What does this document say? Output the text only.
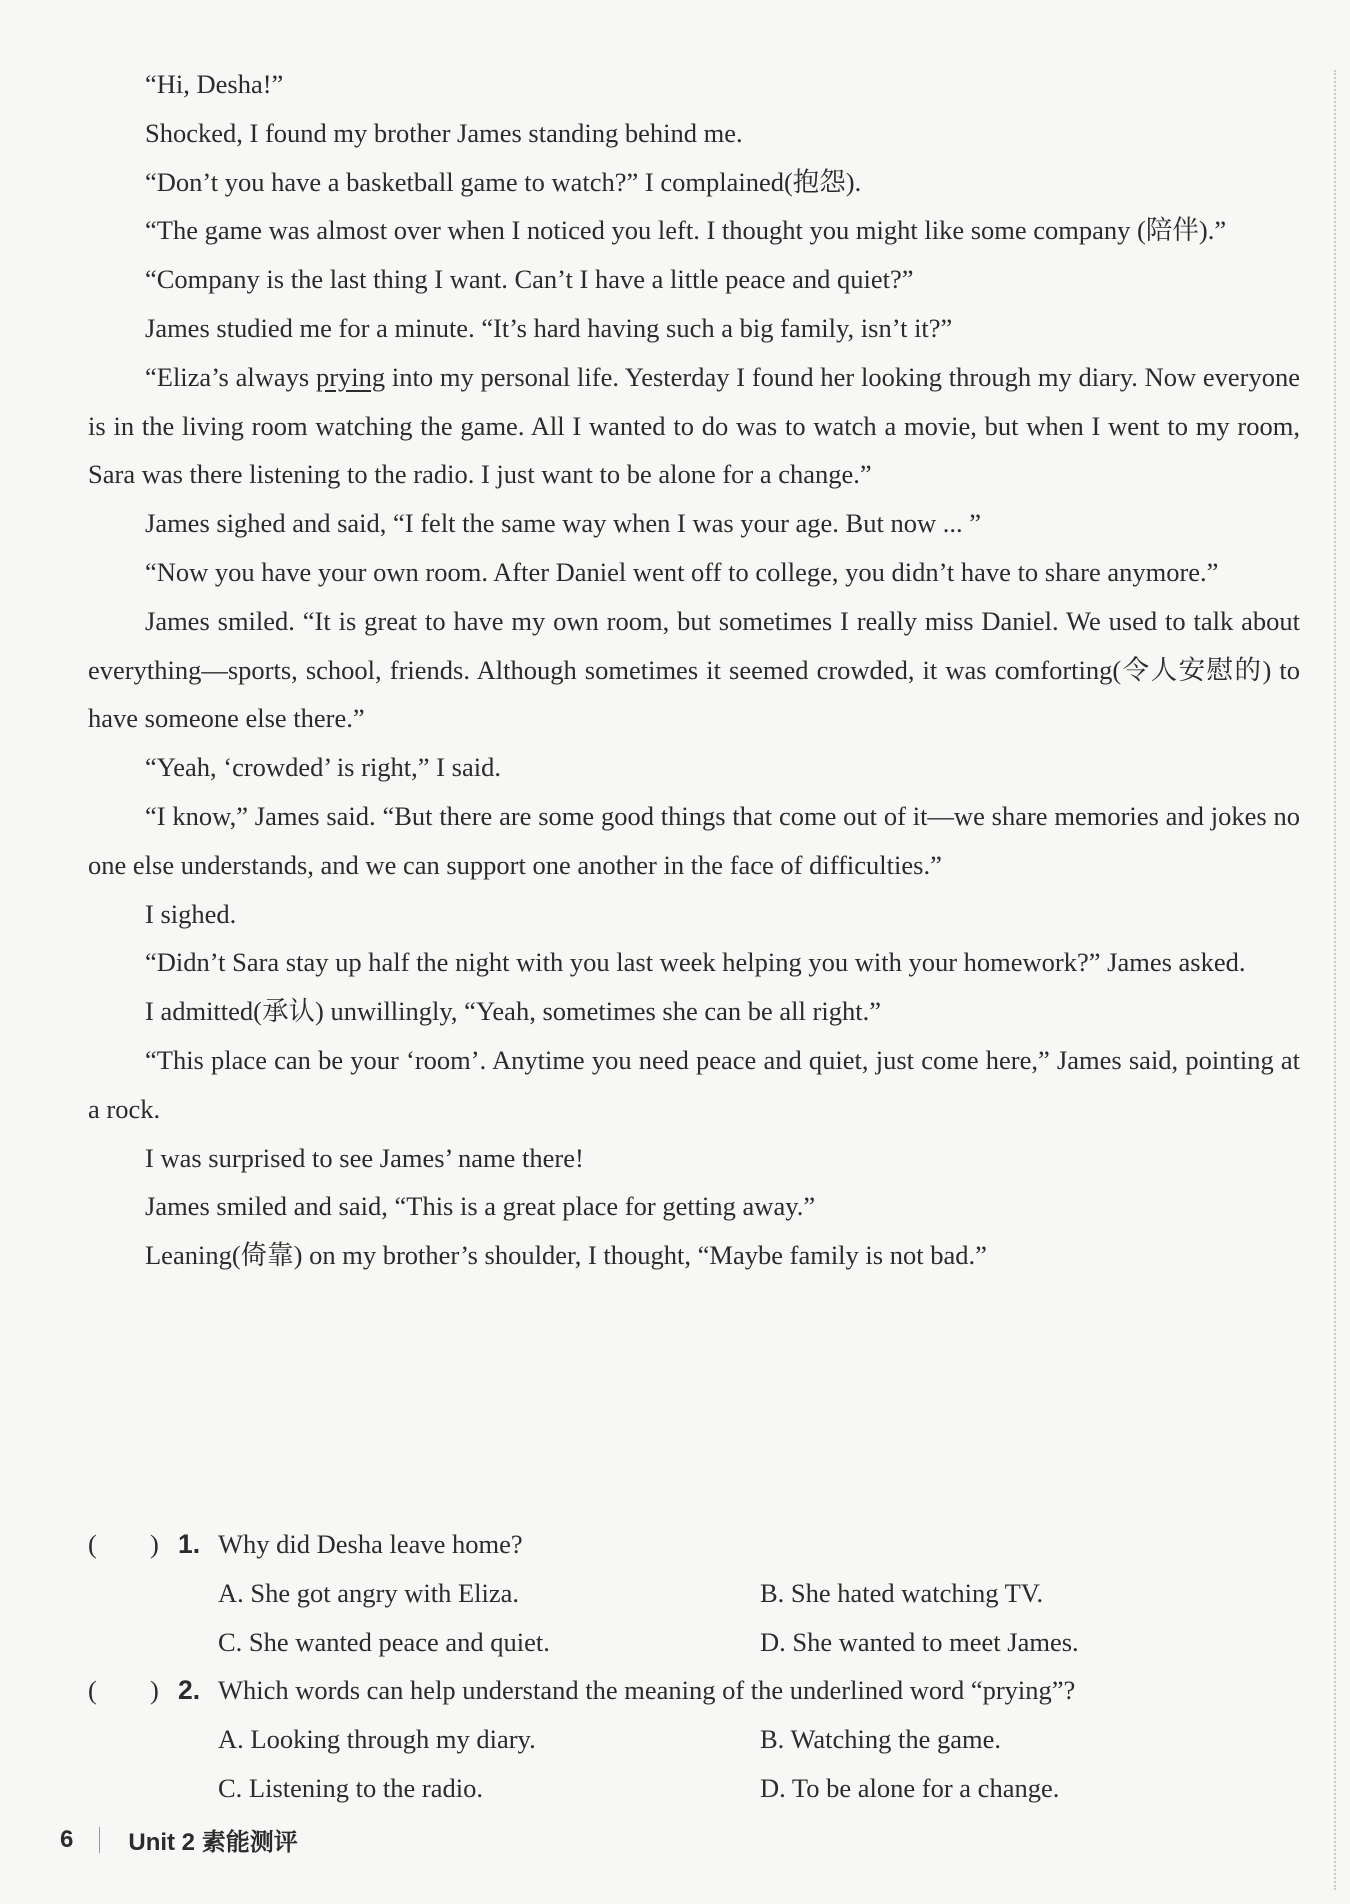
“Hi, Desha!”

Shocked, I found my brother James standing behind me.

“Don’t you have a basketball game to watch?” I complained(抱怨).

“The game was almost over when I noticed you left. I thought you might like some company (陪伴).”

“Company is the last thing I want. Can’t I have a little peace and quiet?”

James studied me for a minute. “It’s hard having such a big family, isn’t it?”

“Eliza’s always prying into my personal life. Yesterday I found her looking through my diary. Now everyone is in the living room watching the game. All I wanted to do was to watch a movie, but when I went to my room, Sara was there listening to the radio. I just want to be alone for a change.”

James sighed and said, “I felt the same way when I was your age. But now ... ”

“Now you have your own room. After Daniel went off to college, you didn’t have to share anymore.”

James smiled. “It is great to have my own room, but sometimes I really miss Daniel. We used to talk about everything—sports, school, friends. Although sometimes it seemed crowded, it was comforting(令人安慰的) to have someone else there.”

“Yeah, ‘crowded’ is right,” I said.

“I know,” James said. “But there are some good things that come out of it—we share memories and jokes no one else understands, and we can support one another in the face of difficulties.”

I sighed.

“Didn’t Sara stay up half the night with you last week helping you with your homework?” James asked.

I admitted(承认) unwillingly, “Yeah, sometimes she can be all right.”

“This place can be your ‘room’. Anytime you need peace and quiet, just come here,” James said, pointing at a rock.

I was surprised to see James’ name there!

James smiled and said, “This is a great place for getting away.”

Leaning(倚靠) on my brother’s shoulder, I thought, “Maybe family is not bad.”

( ) 1. Why did Desha leave home?
A. She got angry with Eliza.	B. She hated watching TV.
C. She wanted peace and quiet.	D. She wanted to meet James.
( ) 2. Which words can help understand the meaning of the underlined word “prying”?
A. Looking through my diary.	B. Watching the game.
C. Listening to the radio.	D. To be alone for a change.
6 Unit 2 素能测评
